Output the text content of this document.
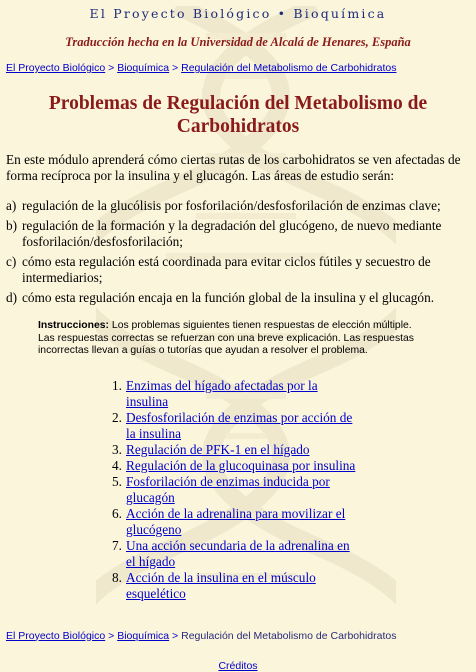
El Proyecto Biológico • Bioquímica
Traducción hecha en la Universidad de Alcalá de Henares, España
El Proyecto Biológico > Bioquímica > Regulación del Metabolismo de Carbohidratos
Problemas de Regulación del Metabolismo de Carbohidratos

En este módulo aprenderá cómo ciertas rutas de los carbohidratos se ven afectadas de forma recíproca por la insulina y el glucagón. Las áreas de estudio serán:

a) regulación de la glucólisis por fosforilación/desfosforilación de enzimas clave;
b) regulación de la formación y la degradación del glucógeno, de nuevo mediante fosforilación/desfosforilación;
c) cómo esta regulación está coordinada para evitar ciclos fútiles y secuestro de intermediarios;
d) cómo esta regulación encaja en la función global de la insulina y el glucagón.
Instrucciones: Los problemas siguientes tienen respuestas de elección múltiple. Las respuestas correctas se refuerzan con una breve explicación. Las respuestas incorrectas llevan a guías o tutorías que ayudan a resolver el problema.
1. Enzimas del hígado afectadas por la insulina
2. Desfosforilación de enzimas por acción de la insulina
3. Regulación de PFK-1 en el hígado
4. Regulación de la glucoquinasa por insulina
5. Fosforilación de enzimas inducida por glucagón
6. Acción de la adrenalina para movilizar el glucógeno
7. Una acción secundaria de la adrenalina en el hígado
8. Acción de la insulina en el músculo esquelético
El Proyecto Biológico > Bioquímica > Regulación del Metabolismo de Carbohidratos
Créditos
